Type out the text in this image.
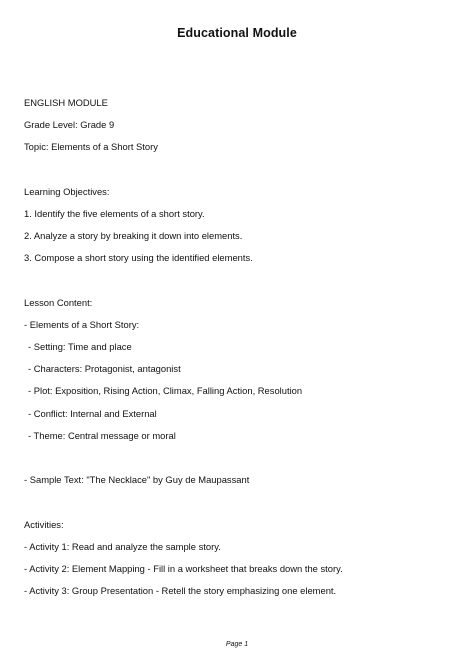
Educational Module
ENGLISH MODULE
Grade Level: Grade 9
Topic: Elements of a Short Story
Learning Objectives:
1. Identify the five elements of a short story.
2. Analyze a story by breaking it down into elements.
3. Compose a short story using the identified elements.
Lesson Content:
- Elements of a Short Story:
- Setting: Time and place
- Characters: Protagonist, antagonist
- Plot: Exposition, Rising Action, Climax, Falling Action, Resolution
- Conflict: Internal and External
- Theme: Central message or moral
- Sample Text: "The Necklace" by Guy de Maupassant
Activities:
- Activity 1: Read and analyze the sample story.
- Activity 2: Element Mapping - Fill in a worksheet that breaks down the story.
- Activity 3: Group Presentation - Retell the story emphasizing one element.
Page 1
